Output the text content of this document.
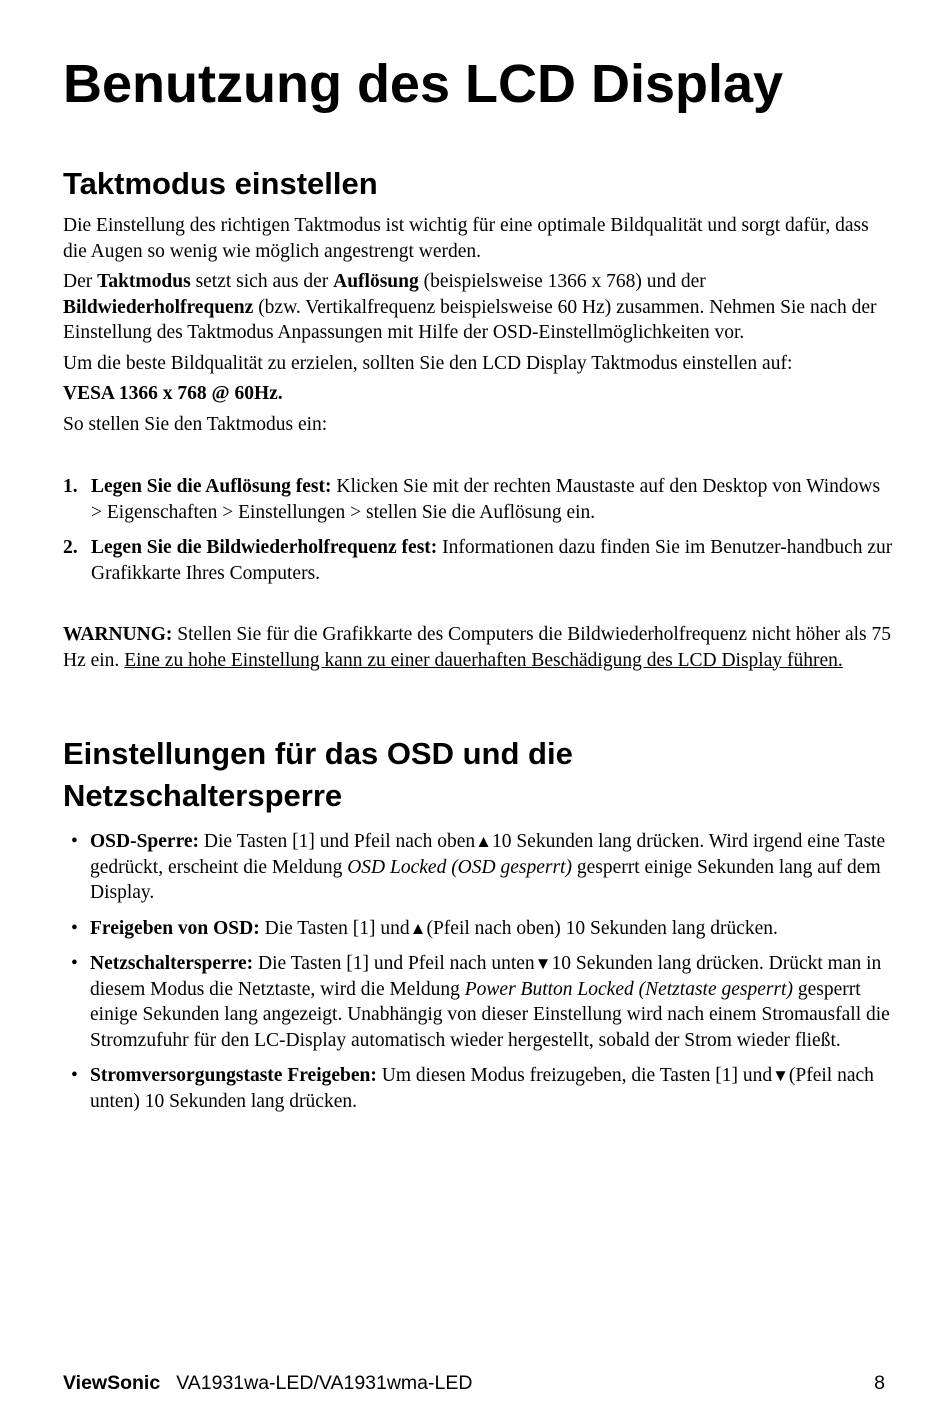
Benutzung des LCD Display
Taktmodus einstellen

Die Einstellung des richtigen Taktmodus ist wichtig für eine optimale Bildqualität und sorgt dafür, dass die Augen so wenig wie möglich angestrengt werden.

Der Taktmodus setzt sich aus der Auflösung (beispielsweise 1366 x 768) und der Bildwiederholfrequenz (bzw. Vertikalfrequenz beispielsweise 60 Hz) zusammen. Nehmen Sie nach der Einstellung des Taktmodus Anpassungen mit Hilfe der OSD-Einstellmöglichkeiten vor.

Um die beste Bildqualität zu erzielen, sollten Sie den LCD Display Taktmodus einstellen auf:

VESA 1366 x 768 @ 60Hz.

So stellen Sie den Taktmodus ein:

1. Legen Sie die Auflösung fest: Klicken Sie mit der rechten Maustaste auf den Desktop von Windows > Eigenschaften > Einstellungen > stellen Sie die Auflösung ein.
2. Legen Sie die Bildwiederholfrequenz fest: Informationen dazu finden Sie im Benutzer-handbuch zur Grafikkarte Ihres Computers.

WARNUNG: Stellen Sie für die Grafikkarte des Computers die Bildwiederholfrequenz nicht höher als 75 Hz ein. Eine zu hohe Einstellung kann zu einer dauerhaften Beschädigung des LCD Display führen.

Einstellungen für das OSD und die
Netzschaltersperre
• OSD-Sperre: Die Tasten [1] und Pfeil nach oben▲10 Sekunden lang drücken. Wird irgend eine Taste gedrückt, erscheint die Meldung OSD Locked (OSD gesperrt) gesperrt einige Sekunden lang auf dem Display.
• Freigeben von OSD: Die Tasten [1] und▲(Pfeil nach oben) 10 Sekunden lang drücken.
• Netzschaltersperre: Die Tasten [1] und Pfeil nach unten▼10 Sekunden lang drücken. Drückt man in diesem Modus die Netztaste, wird die Meldung Power Button Locked (Netztaste gesperrt) gesperrt einige Sekunden lang angezeigt. Unabhängig von dieser Einstellung wird nach einem Stromausfall die Stromzufuhr für den LC-Display automatisch wieder hergestellt, sobald der Strom wieder fließt.
• Stromversorgungstaste Freigeben: Um diesen Modus freizugeben, die Tasten [1] und▼(Pfeil nach unten) 10 Sekunden lang drücken.
ViewSonic VA1931wa-LED/VA1931wma-LED	8
